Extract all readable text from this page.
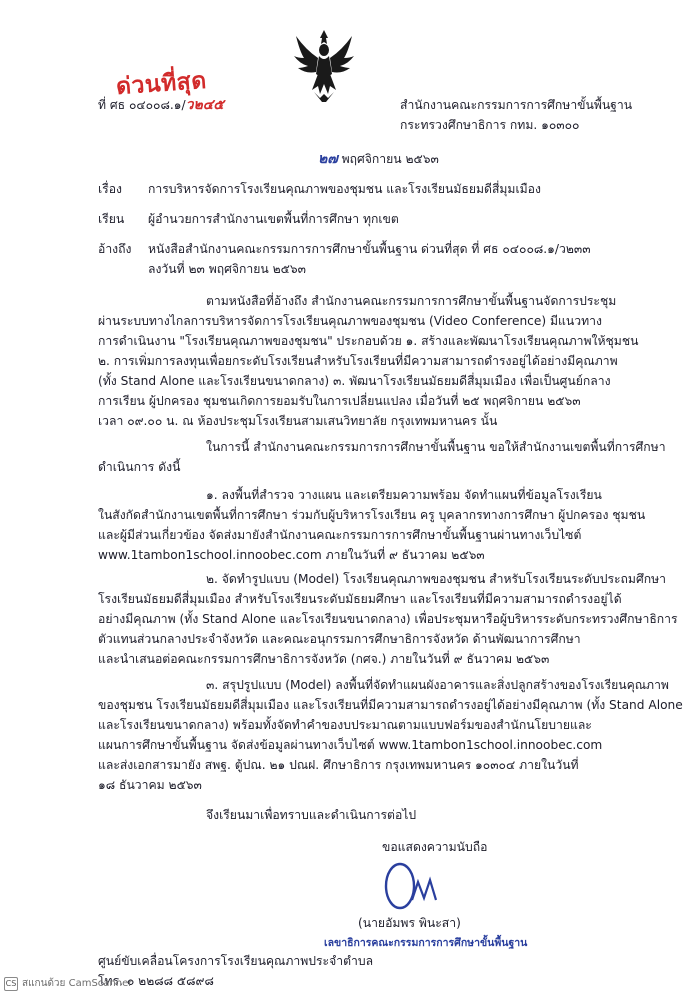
ด่วนที่สุด
ที่ ศธ ๐๔๐๐๘.๑/ว๒๔๕	สำนักงานคณะกรรมการการศึกษาขั้นพื้นฐาน
กระทรวงศึกษาธิการ กทม. ๑๐๓๐๐
๒๗ พฤศจิกายน ๒๕๖๓
เรื่อง การบริหารจัดการโรงเรียนคุณภาพของชุมชน และโรงเรียนมัธยมดีสี่มุมเมือง
เรียน ผู้อำนวยการสำนักงานเขตพื้นที่การศึกษา ทุกเขต
อ้างถึง หนังสือสำนักงานคณะกรรมการการศึกษาขั้นพื้นฐาน ด่วนที่สุด ที่ ศธ ๐๔๐๐๘.๑/ว๒๓๓
ลงวันที่ ๒๓ พฤศจิกายน ๒๕๖๓
ตามหนังสือที่อ้างถึง สำนักงานคณะกรรมการการศึกษาขั้นพื้นฐานจัดการประชุม
ผ่านระบบทางไกลการบริหารจัดการโรงเรียนคุณภาพของชุมชน (Video Conference) มีแนวทาง
การดำเนินงาน "โรงเรียนคุณภาพของชุมชน" ประกอบด้วย ๑. สร้างและพัฒนาโรงเรียนคุณภาพให้ชุมชน
๒. การเพิ่มการลงทุนเพื่อยกระดับโรงเรียนสำหรับโรงเรียนที่มีความสามารถดำรงอยู่ได้อย่างมีคุณภาพ
(ทั้ง Stand Alone และโรงเรียนขนาดกลาง) ๓. พัฒนาโรงเรียนมัธยมดีสี่มุมเมือง เพื่อเป็นศูนย์กลาง
การเรียน ผู้ปกครอง ชุมชนเกิดการยอมรับในการเปลี่ยนแปลง เมื่อวันที่ ๒๕ พฤศจิกายน ๒๕๖๓
เวลา ๐๙.๐๐ น. ณ ห้องประชุมโรงเรียนสามเสนวิทยาลัย กรุงเทพมหานคร นั้น
ในการนี้ สำนักงานคณะกรรมการการศึกษาขั้นพื้นฐาน ขอให้สำนักงานเขตพื้นที่การศึกษา
ดำเนินการ ดังนี้
๑. ลงพื้นที่สำรวจ วางแผน และเตรียมความพร้อม จัดทำแผนที่ข้อมูลโรงเรียน
ในสังกัดสำนักงานเขตพื้นที่การศึกษา ร่วมกับผู้บริหารโรงเรียน ครู บุคลากรทางการศึกษา ผู้ปกครอง ชุมชน
และผู้มีส่วนเกี่ยวข้อง จัดส่งมายังสำนักงานคณะกรรมการการศึกษาขั้นพื้นฐานผ่านทางเว็บไซต์
www.1tambon1school.innoobec.com ภายในวันที่ ๙ ธันวาคม ๒๕๖๓
๒. จัดทำรูปแบบ (Model) โรงเรียนคุณภาพของชุมชน สำหรับโรงเรียนระดับประถมศึกษา
โรงเรียนมัธยมดีสี่มุมเมือง สำหรับโรงเรียนระดับมัธยมศึกษา และโรงเรียนที่มีความสามารถดำรงอยู่ได้
อย่างมีคุณภาพ (ทั้ง Stand Alone และโรงเรียนขนาดกลาง) เพื่อประชุมหารือผู้บริหารระดับกระทรวงศึกษาธิการ
ตัวแทนส่วนกลางประจำจังหวัด และคณะอนุกรรมการศึกษาธิการจังหวัด ด้านพัฒนาการศึกษา
และนำเสนอต่อคณะกรรมการศึกษาธิการจังหวัด (กศจ.) ภายในวันที่ ๙ ธันวาคม ๒๕๖๓
๓. สรุปรูปแบบ (Model) ลงพื้นที่จัดทำแผนผังอาคารและสิ่งปลูกสร้างของโรงเรียนคุณภาพ
ของชุมชน โรงเรียนมัธยมดีสี่มุมเมือง และโรงเรียนที่มีความสามารถดำรงอยู่ได้อย่างมีคุณภาพ (ทั้ง Stand Alone
และโรงเรียนขนาดกลาง) พร้อมทั้งจัดทำคำของบประมาณตามแบบฟอร์มของสำนักนโยบายและ
แผนการศึกษาขั้นพื้นฐาน จัดส่งข้อมูลผ่านทางเว็บไซต์ www.1tambon1school.innoobec.com
และส่งเอกสารมายัง สพฐ. ตู้ปณ. ๒๑ ปณฝ. ศึกษาธิการ กรุงเทพมหานคร ๑๐๓๐๔ ภายในวันที่
๑๘ ธันวาคม ๒๕๖๓
จึงเรียนมาเพื่อทราบและดำเนินการต่อไป
ขอแสดงความนับถือ
(นายอัมพร พินะสา)
เลขาธิการคณะกรรมการการศึกษาขั้นพื้นฐาน
ศูนย์ขับเคลื่อนโครงการโรงเรียนคุณภาพประจำตำบล
โทร. ๐ ๒๒๘๘ ๕๘๙๘
CS สแกนด้วย CamScanner
